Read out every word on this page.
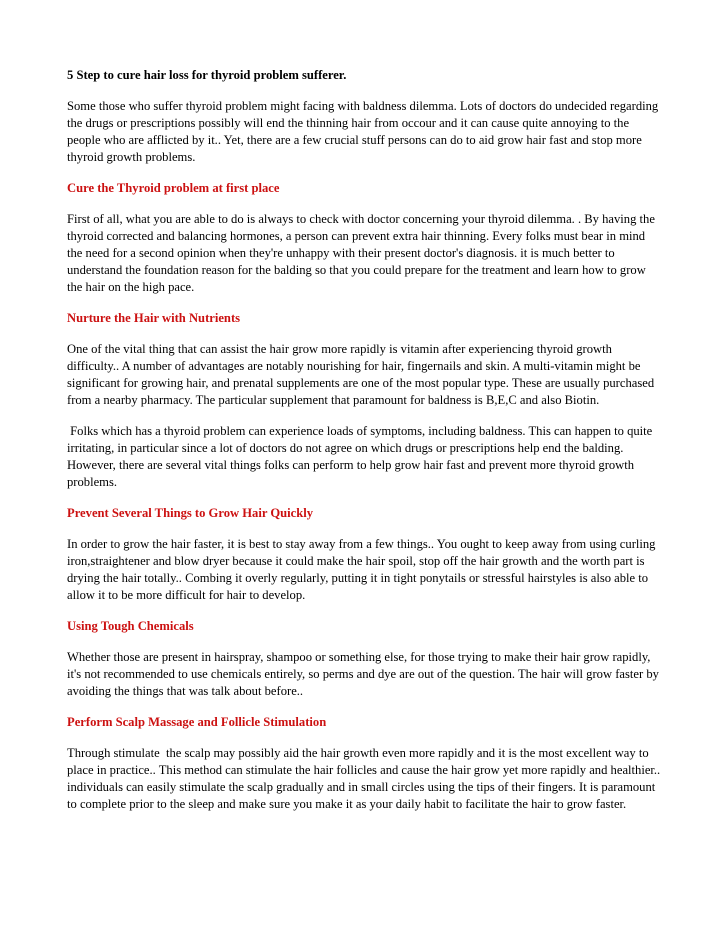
5 Step to cure hair loss for thyroid problem sufferer.

Some those who suffer thyroid problem might facing with baldness dilemma. Lots of doctors do undecided regarding the drugs or prescriptions possibly will end the thinning hair from occour and it can cause quite annoying to the people who are afflicted by it.. Yet, there are a few crucial stuff persons can do to aid grow hair fast and stop more thyroid growth problems.

Cure the Thyroid problem at first place

First of all, what you are able to do is always to check with doctor concerning your thyroid dilemma. . By having the thyroid corrected and balancing hormones, a person can prevent extra hair thinning. Every folks must bear in mind the need for a second opinion when they're unhappy with their present doctor's diagnosis. it is much better to understand the foundation reason for the balding so that you could prepare for the treatment and learn how to grow the hair on the high pace.

Nurture the Hair with Nutrients

One of the vital thing that can assist the hair grow more rapidly is vitamin after experiencing thyroid growth difficulty.. A number of advantages are notably nourishing for hair, fingernails and skin. A multi-vitamin might be significant for growing hair, and prenatal supplements are one of the most popular type. These are usually purchased from a nearby pharmacy. The particular supplement that paramount for baldness is B,E,C and also Biotin.

Folks which has a thyroid problem can experience loads of symptoms, including baldness. This can happen to quite irritating, in particular since a lot of doctors do not agree on which drugs or prescriptions help end the balding. However, there are several vital things folks can perform to help grow hair fast and prevent more thyroid growth problems.

Prevent Several Things to Grow Hair Quickly

In order to grow the hair faster, it is best to stay away from a few things.. You ought to keep away from using curling iron,straightener and blow dryer because it could make the hair spoil, stop off the hair growth and the worth part is drying the hair totally.. Combing it overly regularly, putting it in tight ponytails or stressful hairstyles is also able to allow it to be more difficult for hair to develop.

Using Tough Chemicals

Whether those are present in hairspray, shampoo or something else, for those trying to make their hair grow rapidly, it's not recommended to use chemicals entirely, so perms and dye are out of the question. The hair will grow faster by avoiding the things that was talk about before..

Perform Scalp Massage and Follicle Stimulation

Through stimulate  the scalp may possibly aid the hair growth even more rapidly and it is the most excellent way to place in practice.. This method can stimulate the hair follicles and cause the hair grow yet more rapidly and healthier..  individuals can easily stimulate the scalp gradually and in small circles using the tips of their fingers. It is paramount to complete prior to the sleep and make sure you make it as your daily habit to facilitate the hair to grow faster.
